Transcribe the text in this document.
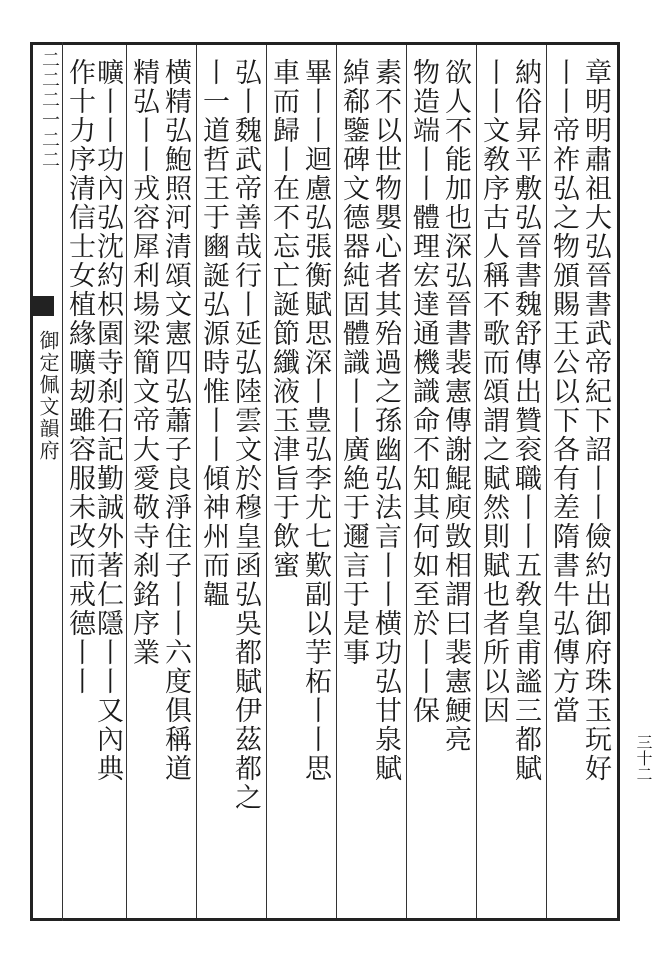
二二二一二二
御定佩文韻府	章明明肅祖大弘晉書武帝紀下詔丨丨儉約出御府珠玉玩好
丨丨帝祚弘之物頒賜王公以下各有差隋書牛弘傳方當
納俗昇平敷弘晉書魏舒傳出贊衮職丨丨五敎皇甫謐三都賦
丨丨文敎序古人稱不歌而頌謂之賦然則賦也者所以因
欲人不能加也深弘晉書裴憲傳謝鯤庾敳相謂曰裴憲鯁亮
物造端丨丨體理宏達通機識命不知其何如至於丨丨保
素不以世物嬰心者其殆過之孫幽弘法言丨丨横功弘甘泉賦
綽郗鑒碑文德器純固體識丨丨廣絶于邇言于是事
畢丨丨迴慮弘張衡賦思深丨豊弘李尤七歎副以芋柘丨丨思
車而歸丨在不忘亡誕節纖液玉津旨于飲蜜
弘丨魏武帝善哉行丨延弘陸雲文於穆皇函弘吳都賦伊茲都之
丨一道哲王于豳誕弘源時惟丨丨傾神州而韞
横精弘鮑照河清頌文憲四弘蕭子良淨住子丨丨六度俱稱道
精弘丨丨戎容犀利場梁簡文帝大愛敬寺刹銘序業
曠丨丨功內弘沈約枳園寺刹石記勤誠外著仁隱丨丨又內典
作十力序清信士女植緣曠刼雖容服未改而戒德丨丨
三十二
